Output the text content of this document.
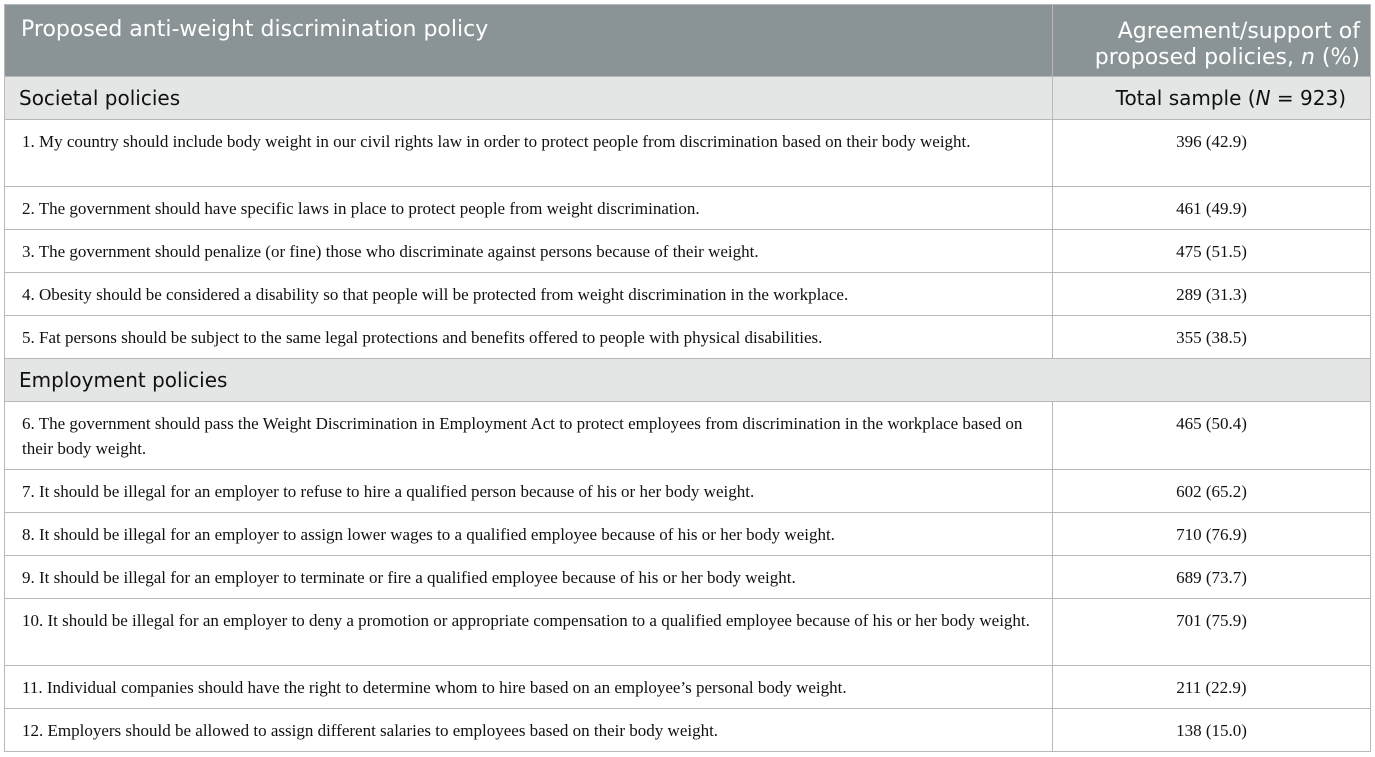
Proposed anti-weight discrimination policy	Agreement/support of
proposed policies, n (%)
Societal policies	Total sample (N = 923)
1. My country should include body weight in our civil rights law in order to protect people from discrimination based on their body weight.	396 (42.9)
2. The government should have specific laws in place to protect people from weight discrimination.	461 (49.9)
3. The government should penalize (or fine) those who discriminate against persons because of their weight.	475 (51.5)
4. Obesity should be considered a disability so that people will be protected from weight discrimination in the workplace.	289 (31.3)
5. Fat persons should be subject to the same legal protections and benefits offered to people with physical disabilities.	355 (38.5)
Employment policies	
6. The government should pass the Weight Discrimination in Employment Act to protect employees from discrimination in the workplace based on their body weight.	465 (50.4)
7. It should be illegal for an employer to refuse to hire a qualified person because of his or her body weight.	602 (65.2)
8. It should be illegal for an employer to assign lower wages to a qualified employee because of his or her body weight.	710 (76.9)
9. It should be illegal for an employer to terminate or fire a qualified employee because of his or her body weight.	689 (73.7)
10. It should be illegal for an employer to deny a promotion or appropriate compensation to a qualified employee because of his or her body weight.	701 (75.9)
11. Individual companies should have the right to determine whom to hire based on an employee’s personal body weight.	211 (22.9)
12. Employers should be allowed to assign different salaries to employees based on their body weight.	138 (15.0)
